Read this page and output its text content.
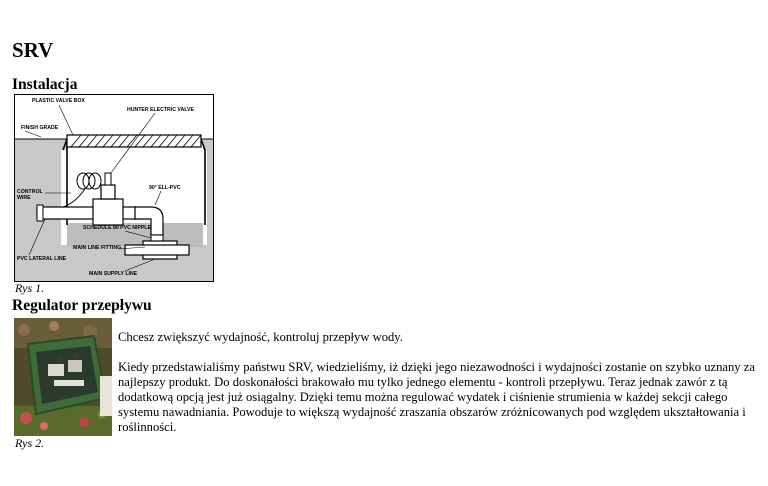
SRV
Instalacja
PLASTIC VALVE BOX
HUNTER ELECTRIC VALVE
FINISH GRADE
CONTROL
WIRE
90° ELL-PVC
SCHEDULE 80 PVC NIPPLE
MAIN LINE FITTING
PVC LATERAL LINE
MAIN SUPPLY LINE
Rys 1.
Regulator przepływu
Rys 2.

Chcesz zwiększyć wydajność, kontroluj przepływ wody.

Kiedy przedstawialiśmy państwu SRV, wiedzieliśmy, iż dzięki jego niezawodności i wydajności zostanie on szybko uznany za najlepszy produkt. Do doskonałości brakowało mu tylko jednego elementu - kontroli przepływu. Teraz jednak zawór z tą dodatkową opcją jest już osiągalny. Dzięki temu można regulować wydatek i ciśnienie strumienia w każdej sekcji całego systemu nawadniania. Powoduje to większą wydajność zraszania obszarów zróżnicowanych pod względem ukształtowania i roślinności.
